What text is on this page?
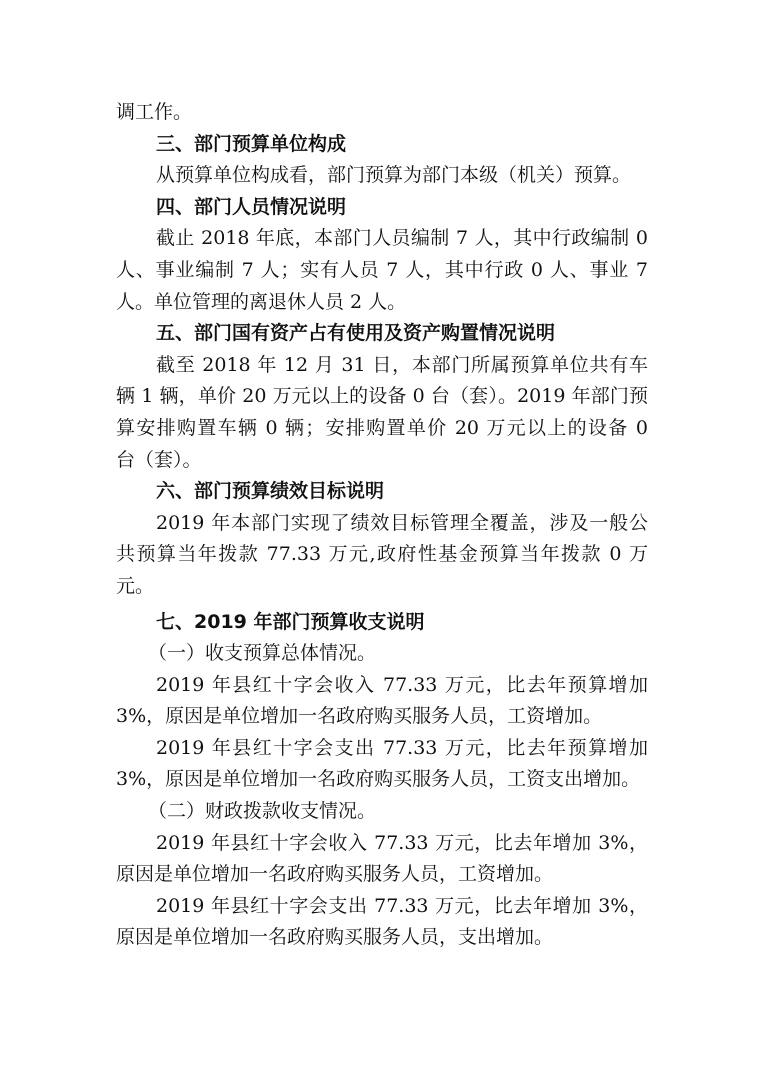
调工作。
三、部门预算单位构成
从预算单位构成看，部门预算为部门本级（机关）预算。
四、部门人员情况说明
截止 2018 年底，本部门人员编制 7 人，其中行政编制 0
人、事业编制 7 人；实有人员 7 人，其中行政 0 人、事业 7
人。单位管理的离退休人员 2 人。
五、部门国有资产占有使用及资产购置情况说明
截至 2018 年 12 月 31 日，本部门所属预算单位共有车
辆 1 辆，单价 20 万元以上的设备 0 台（套）。2019 年部门预
算安排购置车辆 0 辆；安排购置单价 20 万元以上的设备 0
台（套）。
六、部门预算绩效目标说明
2019 年本部门实现了绩效目标管理全覆盖，涉及一般公
共预算当年拨款 77.33 万元,政府性基金预算当年拨款 0 万
元。
七、2019 年部门预算收支说明
（一）收支预算总体情况。
2019 年县红十字会收入 77.33 万元，比去年预算增加
3%，原因是单位增加一名政府购买服务人员，工资增加。
2019 年县红十字会支出 77.33 万元，比去年预算增加
3%，原因是单位增加一名政府购买服务人员，工资支出增加。
（二）财政拨款收支情况。
2019 年县红十字会收入 77.33 万元，比去年增加 3%，
原因是单位增加一名政府购买服务人员，工资增加。
2019 年县红十字会支出 77.33 万元，比去年增加 3%，
原因是单位增加一名政府购买服务人员，支出增加。
